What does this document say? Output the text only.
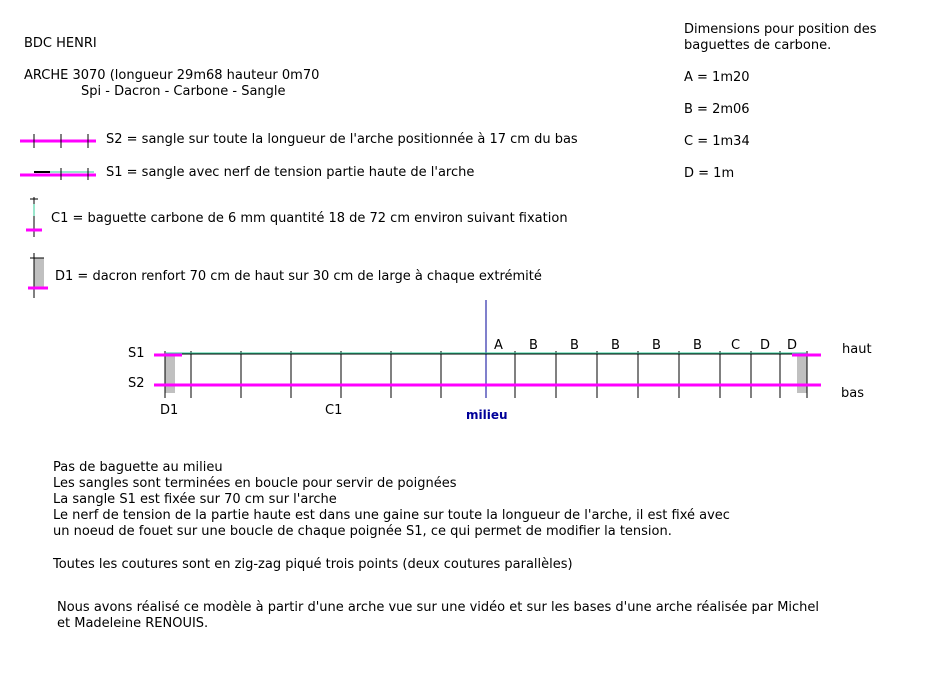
BDC HENRI
ARCHE 3070 (longueur 29m68 hauteur 0m70
Spi - Dacron - Carbone - Sangle
Dimensions pour position des
baguettes de carbone.
A = 1m20
B = 2m06
C = 1m34
D = 1m
S2 = sangle sur toute la longueur de l'arche positionnée à 17 cm du bas
S1 = sangle avec nerf de tension partie haute de l'arche
C1 = baguette carbone de 6 mm quantité 18 de 72 cm environ suivant fixation
D1 = dacron renfort 70 cm de haut sur 30 cm de large à chaque extrémité
S1
S2
D1	C1	milieu
haut
bas
A B B B B B C D D
Pas de baguette au milieu
Les sangles sont terminées en boucle pour servir de poignées
La sangle S1 est fixée sur 70 cm sur l'arche
Le nerf de tension de la partie haute est dans une gaine sur toute la longueur de l'arche, il est fixé avec
un noeud de fouet sur une boucle de chaque poignée S1, ce qui permet de modifier la tension.
Toutes les coutures sont en zig-zag piqué trois points (deux coutures parallèles)
Nous avons réalisé ce modèle à partir d'une arche vue sur une vidéo et sur les bases d'une arche réalisée par Michel
et Madeleine RENOUIS.
